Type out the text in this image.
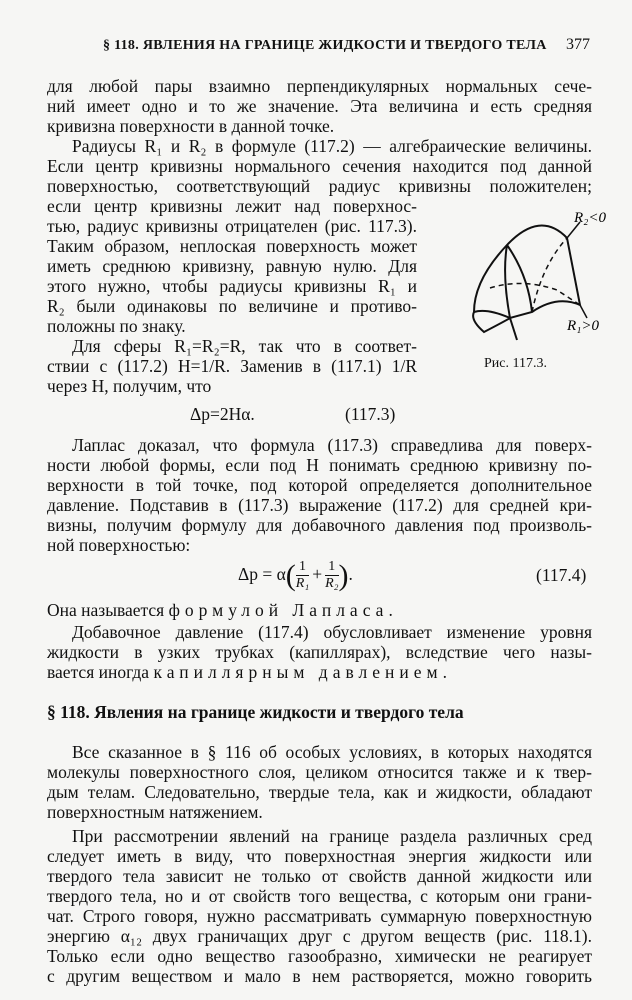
§ 118. ЯВЛЕНИЯ НА ГРАНИЦЕ ЖИДКОСТИ И ТВЕРДОГО ТЕЛА 377
для любой пары взаимно перпендикулярных нормальных сече-
ний имеет одно и то же значение. Эта величина и есть средняя
кривизна поверхности в данной точке.
Радиусы R₁ и R₂ в формуле (117.2) — алгебраические величины.
Если центр кривизны нормального сечения находится под данной
поверхностью, соответствующий радиус кривизны положителен;
если центр кривизны лежит над поверхнос-
тью, радиус кривизны отрицателен (рис. 117.3).
Таким образом, неплоская поверхность может
иметь среднюю кривизну, равную нулю. Для
этого нужно, чтобы радиусы кривизны R₁ и
R₂ были одинаковы по величине и противо-
положны по знаку.
Для сферы R₁=R₂=R, так что в соответ-
ствии с (117.2) H=1/R. Заменив в (117.1) 1/R
через H, получим, что
Δp=2Hα.	(117.3)
R₂<0
R₁>0
Рис. 117.3.
Лаплас доказал, что формула (117.3) справедлива для поверх-
ности любой формы, если под H понимать среднюю кривизну по-
верхности в той точке, под которой определяется дополнительное
давление. Подставив в (117.3) выражение (117.2) для средней кри-
визны, получим формулу для добавочного давления под произволь-
ной поверхностью:
$\Delta p = \alpha( \frac{1}{\text{R₁}} + \frac{1}{\text{R₂}}$ ).	(117.4)
Она называется формулой Лапласа.
Добавочное давление (117.4) обусловливает изменение уровня
жидкости в узких трубках (капиллярах), вследствие чего назы-
вается иногда капиллярным давлением.
§ 118. Явления на границе жидкости и твердого тела
Все сказанное в § 116 об особых условиях, в которых находятся
молекулы поверхностного слоя, целиком относится также и к твер-
дым телам. Следовательно, твердые тела, как и жидкости, обладают
поверхностным натяжением.
При рассмотрении явлений на границе раздела различных сред
следует иметь в виду, что поверхностная энергия жидкости или
твердого тела зависит не только от свойств данной жидкости или
твердого тела, но и от свойств того вещества, с которым они грани-
чат. Строго говоря, нужно рассматривать суммарную поверхностную
энергию α₁₂ двух граничащих друг с другом веществ (рис. 118.1).
Только если одно вещество газообразно, химически не реагирует
с другим веществом и мало в нем растворяется, можно говорить
